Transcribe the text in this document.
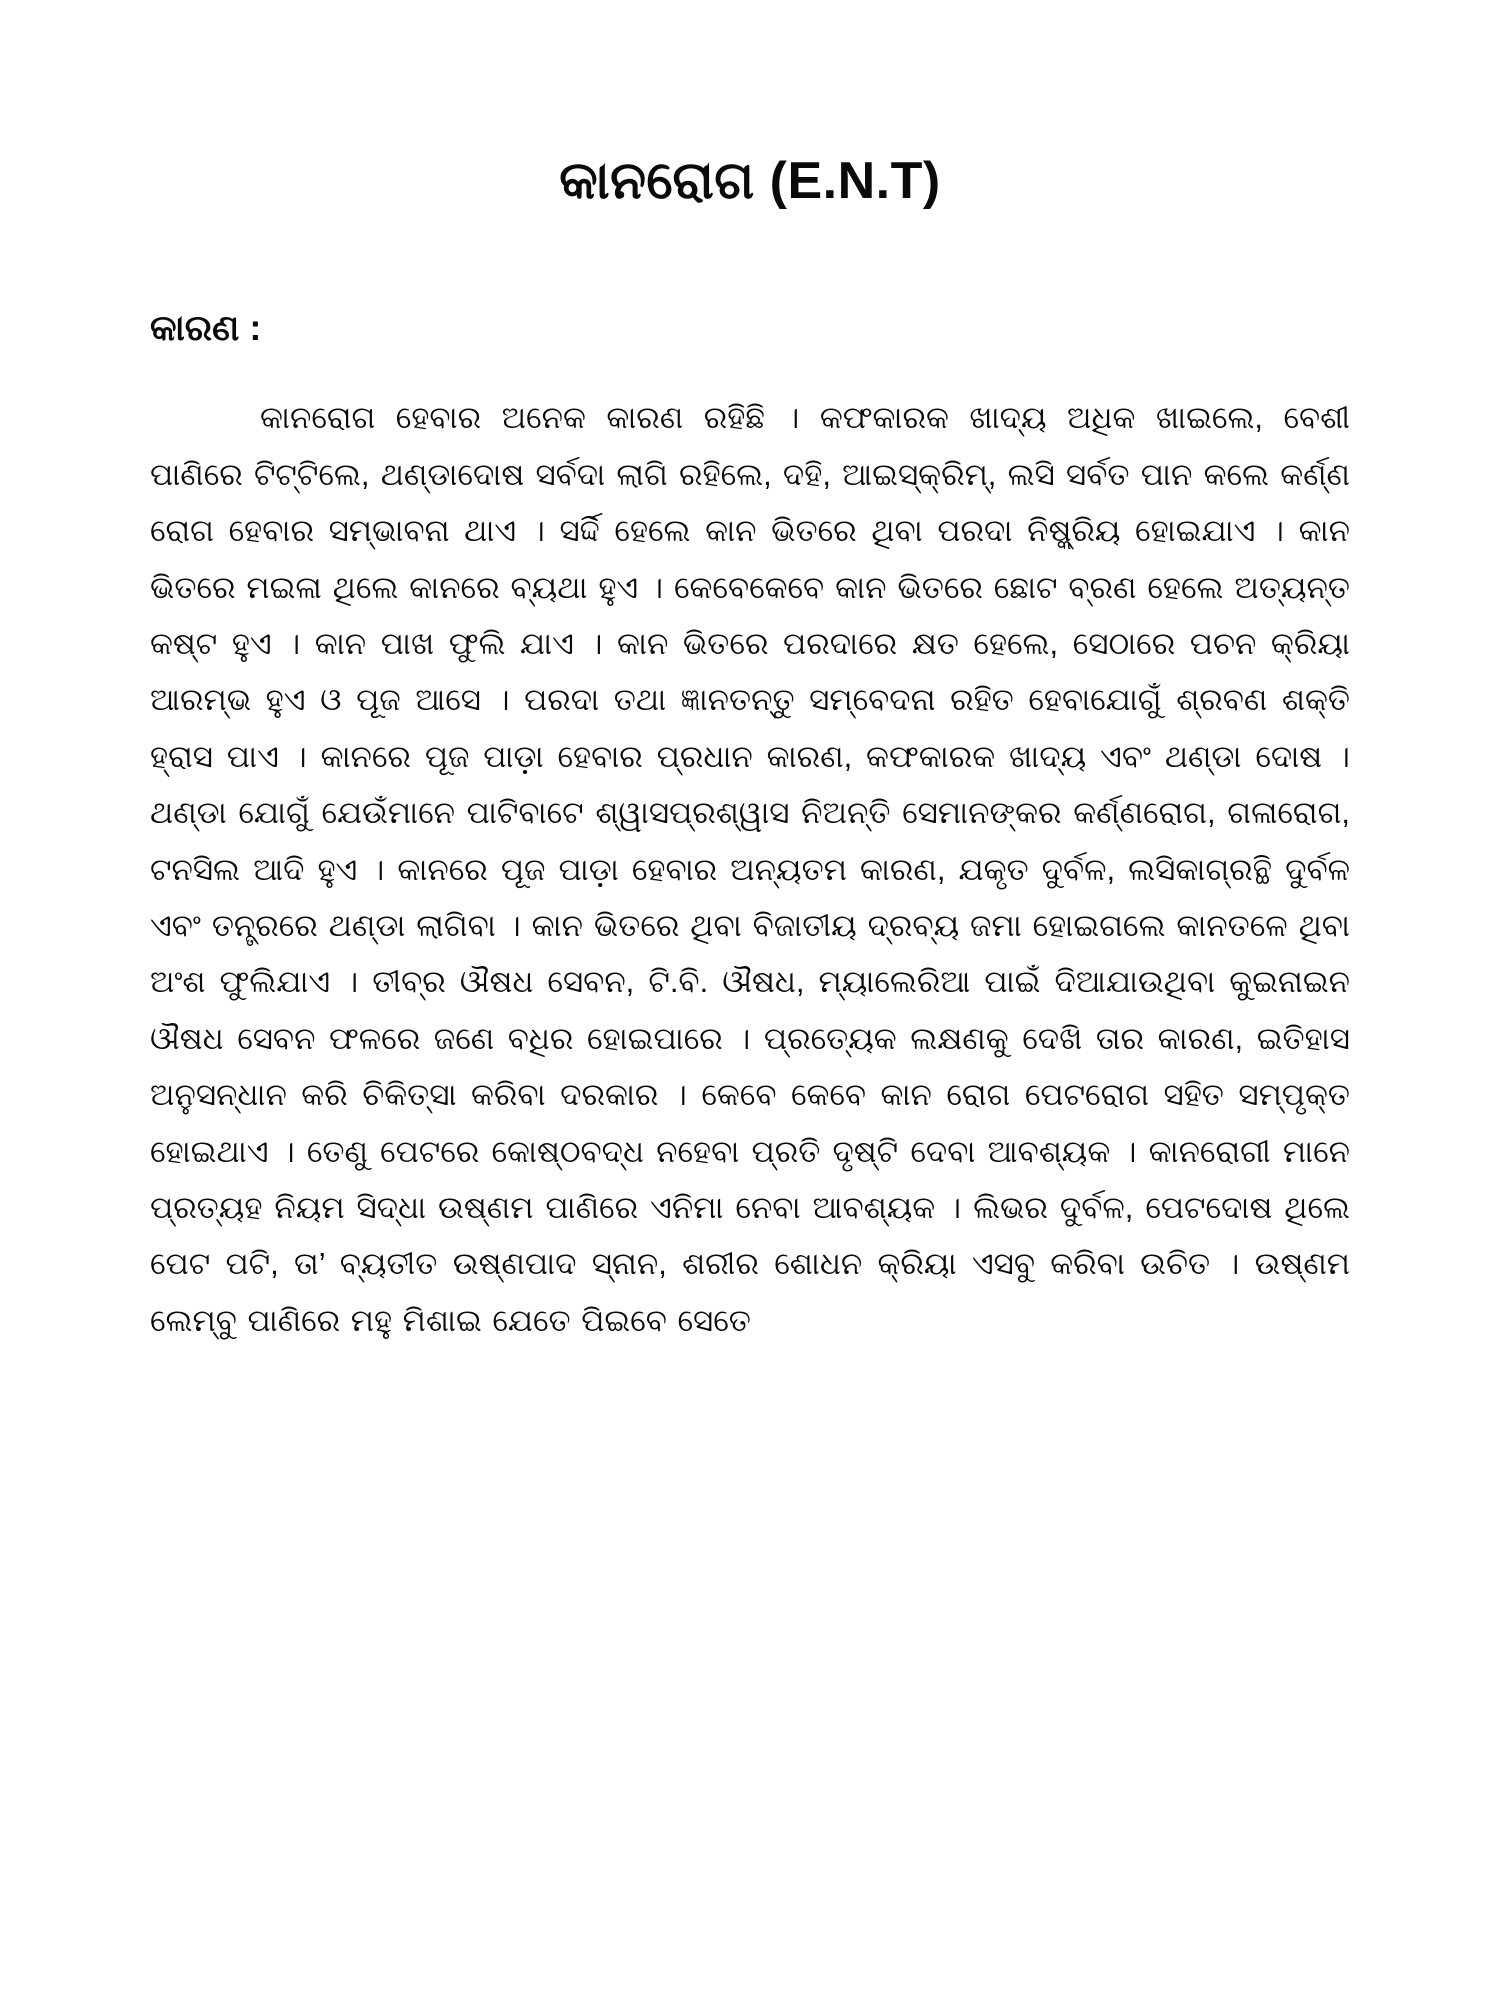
କାନରୋଗ (E.N.T)
କାରଣ :

କାନରୋଗ ହେବାର ଅନେକ କାରଣ ରହିଛି । କଫକାରକ ଖାଦ୍ୟ ଅଧିକ ଖାଇଲେ, ବେଶୀ ପାଣିରେ ଟିଟ୍ଟିଲେ, ଥଣ୍ଡାଦୋଷ ସର୍ବଦା ଲାଗି ରହିଲେ, ଦହି, ଆଇସ୍‌କ୍ରିମ୍‌, ଲସି ସର୍ବତ ପାନ କଲେ କର୍ଣ୍ଣ ରୋଗ ହେବାର ସମ୍ଭାବନା ଥାଏ । ସର୍ଦ୍ଦି ହେଲେ କାନ ଭିତରେ ଥିବା ପରଦା ନିଷ୍କ୍ରିୟ ହୋଇଯାଏ । କାନ ଭିତରେ ମଇଳା ଥିଲେ କାନରେ ବ୍ୟଥା ହୁଏ । କେବେକେବେ କାନ ଭିତରେ ଛୋଟ ବ୍ରଣ ହେଲେ ଅତ୍ୟନ୍ତ କଷ୍ଟ ହୁଏ । କାନ ପାଖ ଫୁଲି ଯାଏ । କାନ ଭିତରେ ପରଦାରେ କ୍ଷତ ହେଲେ, ସେଠାରେ ପଚନ କ୍ରିୟା ଆରମ୍ଭ ହୁଏ ଓ ପୂଜ ଆସେ । ପରଦା ତଥା ଜ୍ଞାନତନ୍ତୁ ସମ୍ବେଦନା ରହିତ ହେବାଯୋଗୁଁ ଶ୍ରବଣ ଶକ୍ତି ହ୍ରାସ ପାଏ । କାନରେ ପୂଜ ପାଡ଼ା ହେବାର ପ୍ରଧାନ କାରଣ, କଫକାରକ ଖାଦ୍ୟ ଏବଂ ଥଣ୍ଡା ଦୋଷ । ଥଣ୍ଡା ଯୋଗୁଁ ଯେଉଁମାନେ ପାଟିବାଟେ ଶ୍ୱାସପ୍ରଶ୍ୱାସ ନିଅନ୍ତି ସେମାନଙ୍କର କର୍ଣ୍ଣରୋଗ, ଗଳାରୋଗ, ଟନସିଲ ଆଦି ହୁଏ । କାନରେ ପୂଜ ପାଡ଼ା ହେବାର ଅନ୍ୟତମ କାରଣ, ଯକୃତ ଦୁର୍ବଳ, ଲସିକାଗ୍ରନ୍ଥି ଦୁର୍ବଳ ଏବଂ ତନ୍ତ୍ରରେ ଥଣ୍ଡା ଲାଗିବା । କାନ ଭିତରେ ଥିବା ବିଜାତୀୟ ଦ୍ରବ୍ୟ ଜମା ହୋଇଗଲେ କାନତଳେ ଥିବା ଅଂଶ ଫୁଲିଯାଏ । ତୀବ୍ର ଔଷଧ ସେବନ, ଟି.ବି. ଔଷଧ, ମ୍ୟାଲେରିଆ ପାଇଁ ଦିଆଯାଉଥିବା କୁଇନାଇନ ଔଷଧ ସେବନ ଫଳରେ ଜଣେ ବଧିର ହୋଇପାରେ । ପ୍ରତ୍ୟେକ ଲକ୍ଷଣକୁ ଦେଖି ତାର କାରଣ, ଇତିହାସ ଅନୁସନ୍ଧାନ କରି ଚିକିତ୍ସା କରିବା ଦରକାର । କେବେ କେବେ କାନ ରୋଗ ପେଟରୋଗ ସହିତ ସମ୍ପୃକ୍ତ ହୋଇଥାଏ । ତେଣୁ ପେଟରେ କୋଷ୍ଠବଦ୍ଧ ନହେବା ପ୍ରତି ଦୃଷ୍ଟି ଦେବା ଆବଶ୍ୟକ । କାନରୋଗୀ ମାନେ ପ୍ରତ୍ୟହ ନିୟମ ସିଦ୍ଧା ଉଷ୍ଣମ ପାଣିରେ ଏନିମା ନେବା ଆବଶ୍ୟକ । ଲିଭର ଦୁର୍ବଳ, ପେଟଦୋଷ ଥିଲେ ପେଟ ପଟି, ତା’ ବ୍ୟତୀତ ଉଷ୍ଣପାଦ ସ୍ନାନ, ଶରୀର ଶୋଧନ କ୍ରିୟା ଏସବୁ କରିବା ଉଚିତ । ଉଷ୍ଣମ ଲେମ୍ବୁ ପାଣିରେ ମହୁ ମିଶାଇ ଯେତେ ପିଇବେ ସେତେ
